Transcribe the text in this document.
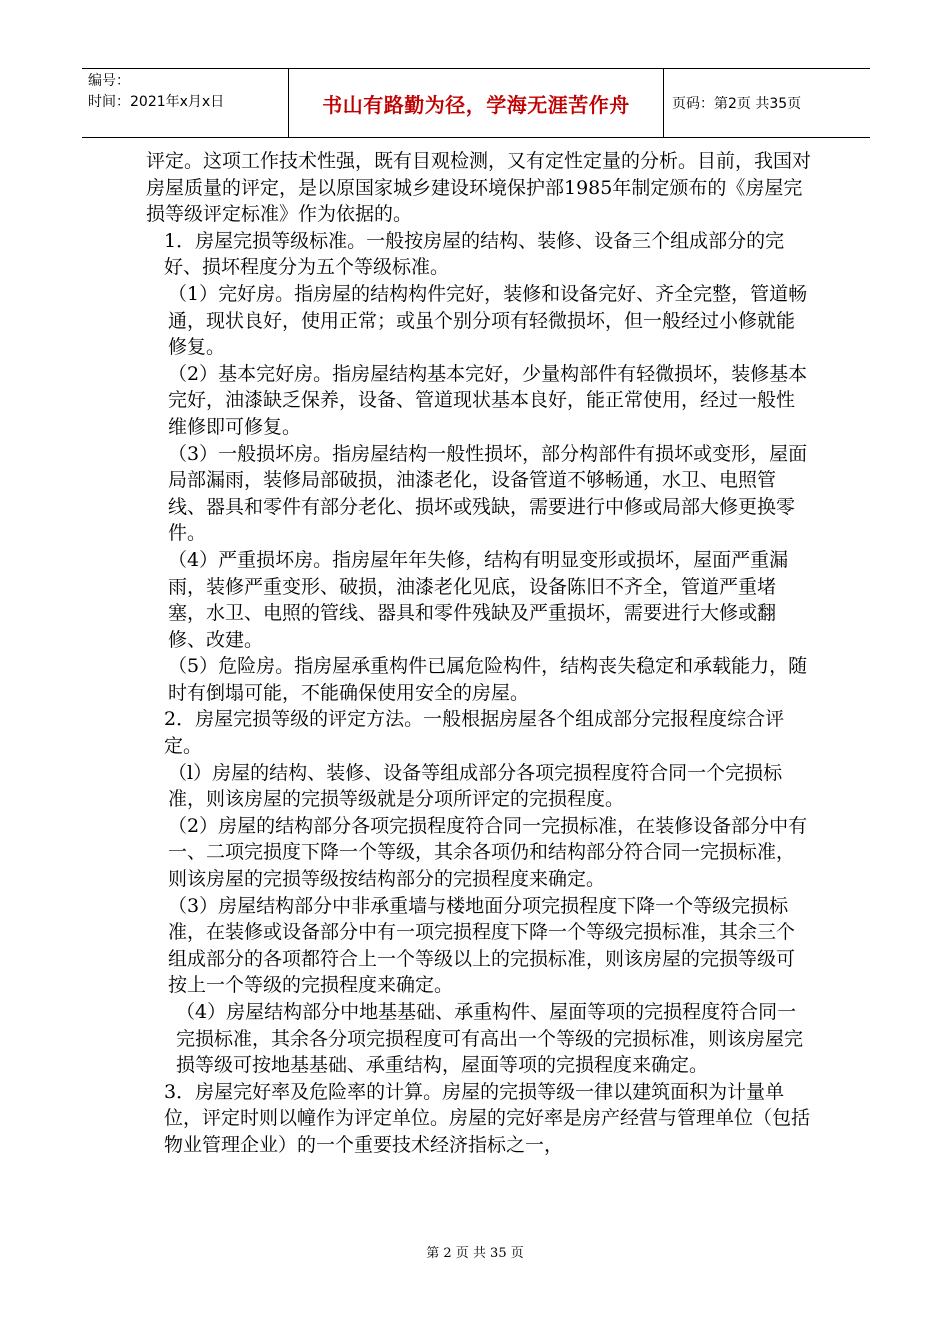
编号：
时间：2021年x月x日	书山有路勤为径，学海无涯苦作舟	页码：第2页 共35页

评定。这项工作技术性强，既有目观检测，又有定性定量的分析。目前，我国对房屋质量的评定，是以原国家城乡建设环境保护部1985年制定颁布的《房屋完损等级评定标准》作为依据的。

1．房屋完损等级标准。一般按房屋的结构、装修、设备三个组成部分的完好、损坏程度分为五个等级标准。

（1）完好房。指房屋的结构构件完好，装修和设备完好、齐全完整，管道畅通，现状良好，使用正常；或虽个别分项有轻微损坏，但一般经过小修就能修复。

（2）基本完好房。指房屋结构基本完好，少量构部件有轻微损坏，装修基本完好，油漆缺乏保养，设备、管道现状基本良好，能正常使用，经过一般性维修即可修复。

（3）一般损坏房。指房屋结构一般性损坏，部分构部件有损坏或变形，屋面局部漏雨，装修局部破损，油漆老化，设备管道不够畅通，水卫、电照管线、器具和零件有部分老化、损坏或残缺，需要进行中修或局部大修更换零件。

（4）严重损坏房。指房屋年年失修，结构有明显变形或损坏，屋面严重漏雨，装修严重变形、破损，油漆老化见底，设备陈旧不齐全，管道严重堵塞，水卫、电照的管线、器具和零件残缺及严重损坏，需要进行大修或翻修、改建。

（5）危险房。指房屋承重构件已属危险构件，结构丧失稳定和承载能力，随时有倒塌可能，不能确保使用安全的房屋。

2．房屋完损等级的评定方法。一般根据房屋各个组成部分完报程度综合评定。

（l）房屋的结构、装修、设备等组成部分各项完损程度符合同一个完损标准，则该房屋的完损等级就是分项所评定的完损程度。

（2）房屋的结构部分各项完损程度符合同一完损标准，在装修设备部分中有一、二项完损度下降一个等级，其余各项仍和结构部分符合同一完损标准，则该房屋的完损等级按结构部分的完损程度来确定。

（3）房屋结构部分中非承重墙与楼地面分项完损程度下降一个等级完损标准，在装修或设备部分中有一项完损程度下降一个等级完损标准，其余三个组成部分的各项都符合上一个等级以上的完损标准，则该房屋的完损等级可按上一个等级的完损程度来确定。

（4）房屋结构部分中地基基础、承重构件、屋面等项的完损程度符合同一完损标准，其余各分项完损程度可有高出一个等级的完损标准，则该房屋完损等级可按地基基础、承重结构，屋面等项的完损程度来确定。

3．房屋完好率及危险率的计算。房屋的完损等级一律以建筑面积为计量单位，评定时则以幢作为评定单位。房屋的完好率是房产经营与管理单位（包括物业管理企业）的一个重要技术经济指标之一，

第 2 页 共 35 页
